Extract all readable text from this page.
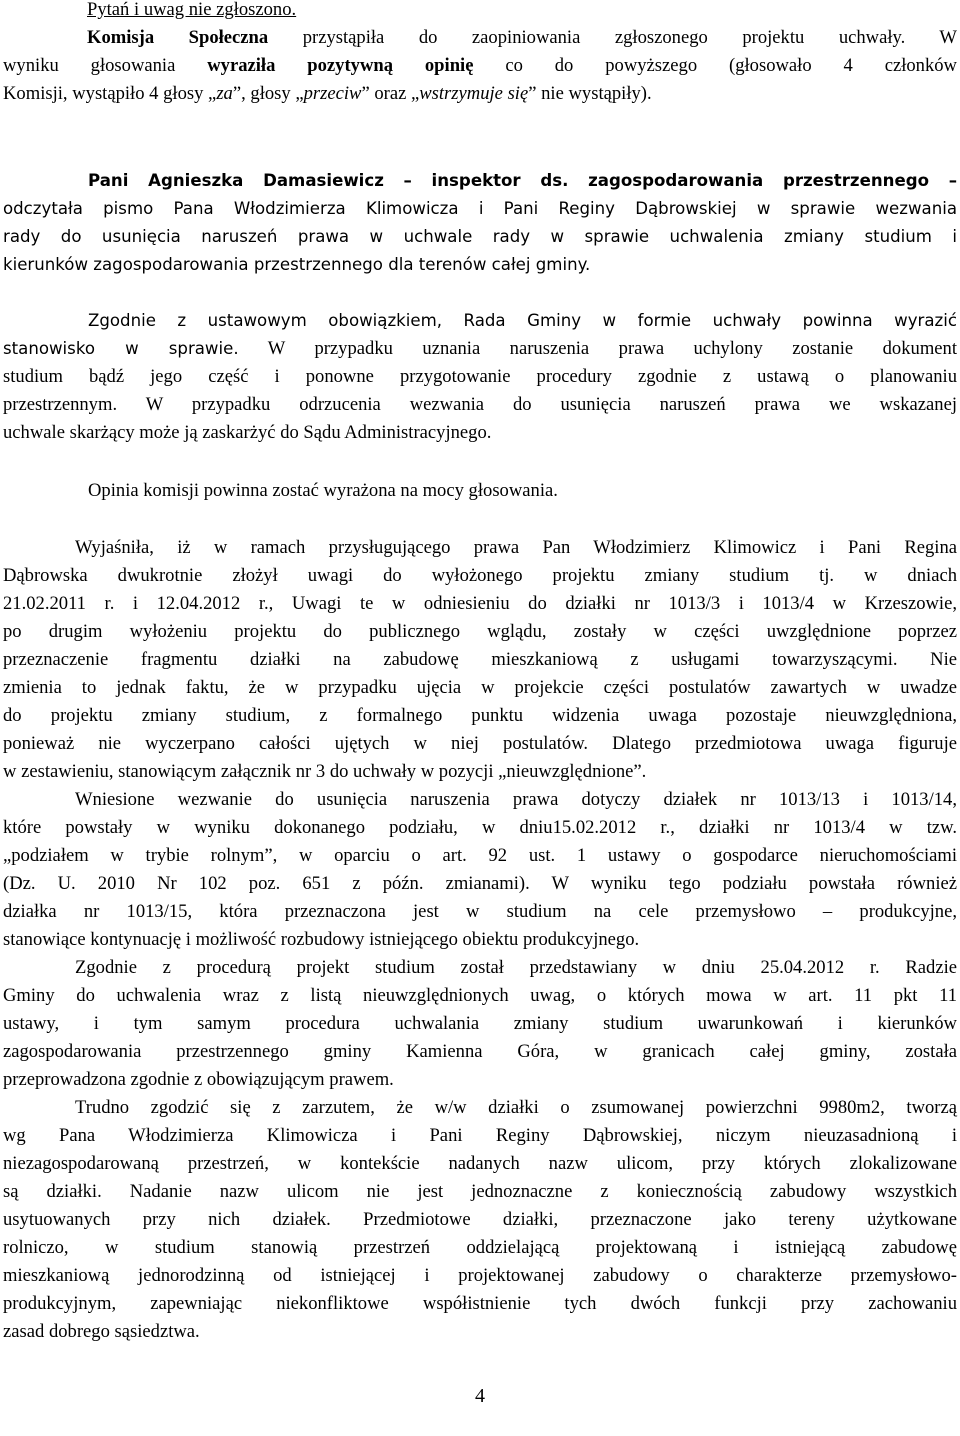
Pytań i uwag nie zgłoszono.
Komisja Społeczna przystąpiła do zaopiniowania zgłoszonego projektu uchwały. W
wyniku głosowania wyraziła pozytywną opinię co do powyższego (głosowało 4 członków
Komisji, wystąpiło 4 głosy „za”, głosy „przeciw” oraz „wstrzymuje się” nie wystąpiły).
Pani Agnieszka Damasiewicz – inspektor ds. zagospodarowania przestrzennego –
odczytała pismo Pana Włodzimierza Klimowicza i Pani Reginy Dąbrowskiej w sprawie wezwania
rady do usunięcia naruszeń prawa w uchwale rady w sprawie uchwalenia zmiany studium i
kierunków zagospodarowania przestrzennego dla terenów całej gminy.
Zgodnie z ustawowym obowiązkiem, Rada Gminy w formie uchwały powinna wyrazić
stanowisko w sprawie. W przypadku uznania naruszenia prawa uchylony zostanie dokument
studium bądź jego część i ponowne przygotowanie procedury zgodnie z ustawą o planowaniu
przestrzennym. W przypadku odrzucenia wezwania do usunięcia naruszeń prawa we wskazanej
uchwale skarżący może ją zaskarżyć do Sądu Administracyjnego.
Opinia komisji powinna zostać wyrażona na mocy głosowania.
Wyjaśniła, iż w ramach przysługującego prawa Pan Włodzimierz Klimowicz i Pani Regina
Dąbrowska dwukrotnie złożył uwagi do wyłożonego projektu zmiany studium tj. w dniach
21.02.2011 r. i 12.04.2012 r., Uwagi te w odniesieniu do działki nr 1013/3 i 1013/4 w Krzeszowie,
po drugim wyłożeniu projektu do publicznego wglądu, zostały w części uwzględnione poprzez
przeznaczenie fragmentu działki na zabudowę mieszkaniową z usługami towarzyszącymi. Nie
zmienia to jednak faktu, że w przypadku ujęcia w projekcie części postulatów zawartych w uwadze
do projektu zmiany studium, z formalnego punktu widzenia uwaga pozostaje nieuwzględniona,
ponieważ nie wyczerpano całości ujętych w niej postulatów. Dlatego przedmiotowa uwaga figuruje
w zestawieniu, stanowiącym załącznik nr 3 do uchwały w pozycji „nieuwzględnione”.
Wniesione wezwanie do usunięcia naruszenia prawa dotyczy działek nr 1013/13 i 1013/14,
które powstały w wyniku dokonanego podziału, w dniu15.02.2012 r., działki nr 1013/4 w tzw.
„podziałem w trybie rolnym”, w oparciu o art. 92 ust. 1 ustawy o gospodarce nieruchomościami
(Dz. U. 2010 Nr 102 poz. 651 z późn. zmianami). W wyniku tego podziału powstała również
działka nr 1013/15, która przeznaczona jest w studium na cele przemysłowo – produkcyjne,
stanowiące kontynuację i możliwość rozbudowy istniejącego obiektu produkcyjnego.
Zgodnie z procedurą projekt studium został przedstawiany w dniu 25.04.2012 r. Radzie
Gminy do uchwalenia wraz z listą nieuwzględnionych uwag, o których mowa w art. 11 pkt 11
ustawy, i tym samym procedura uchwalania zmiany studium uwarunkowań i kierunków
zagospodarowania przestrzennego gminy Kamienna Góra, w granicach całej gminy, została
przeprowadzona zgodnie z obowiązującym prawem.
Trudno zgodzić się z zarzutem, że w/w działki o zsumowanej powierzchni 9980m2, tworzą
wg Pana Włodzimierza Klimowicza i Pani Reginy Dąbrowskiej, niczym nieuzasadnioną i
niezagospodarowaną przestrzeń, w kontekście nadanych nazw ulicom, przy których zlokalizowane
są działki. Nadanie nazw ulicom nie jest jednoznaczne z koniecznością zabudowy wszystkich
usytuowanych przy nich działek. Przedmiotowe działki, przeznaczone jako tereny użytkowane
rolniczo, w studium stanowią przestrzeń oddzielającą projektowaną i istniejącą zabudowę
mieszkaniową jednorodzinną od istniejącej i projektowanej zabudowy o charakterze przemysłowo-
produkcyjnym, zapewniając niekonfliktowe współistnienie tych dwóch funkcji przy zachowaniu
zasad dobrego sąsiedztwa.
4
